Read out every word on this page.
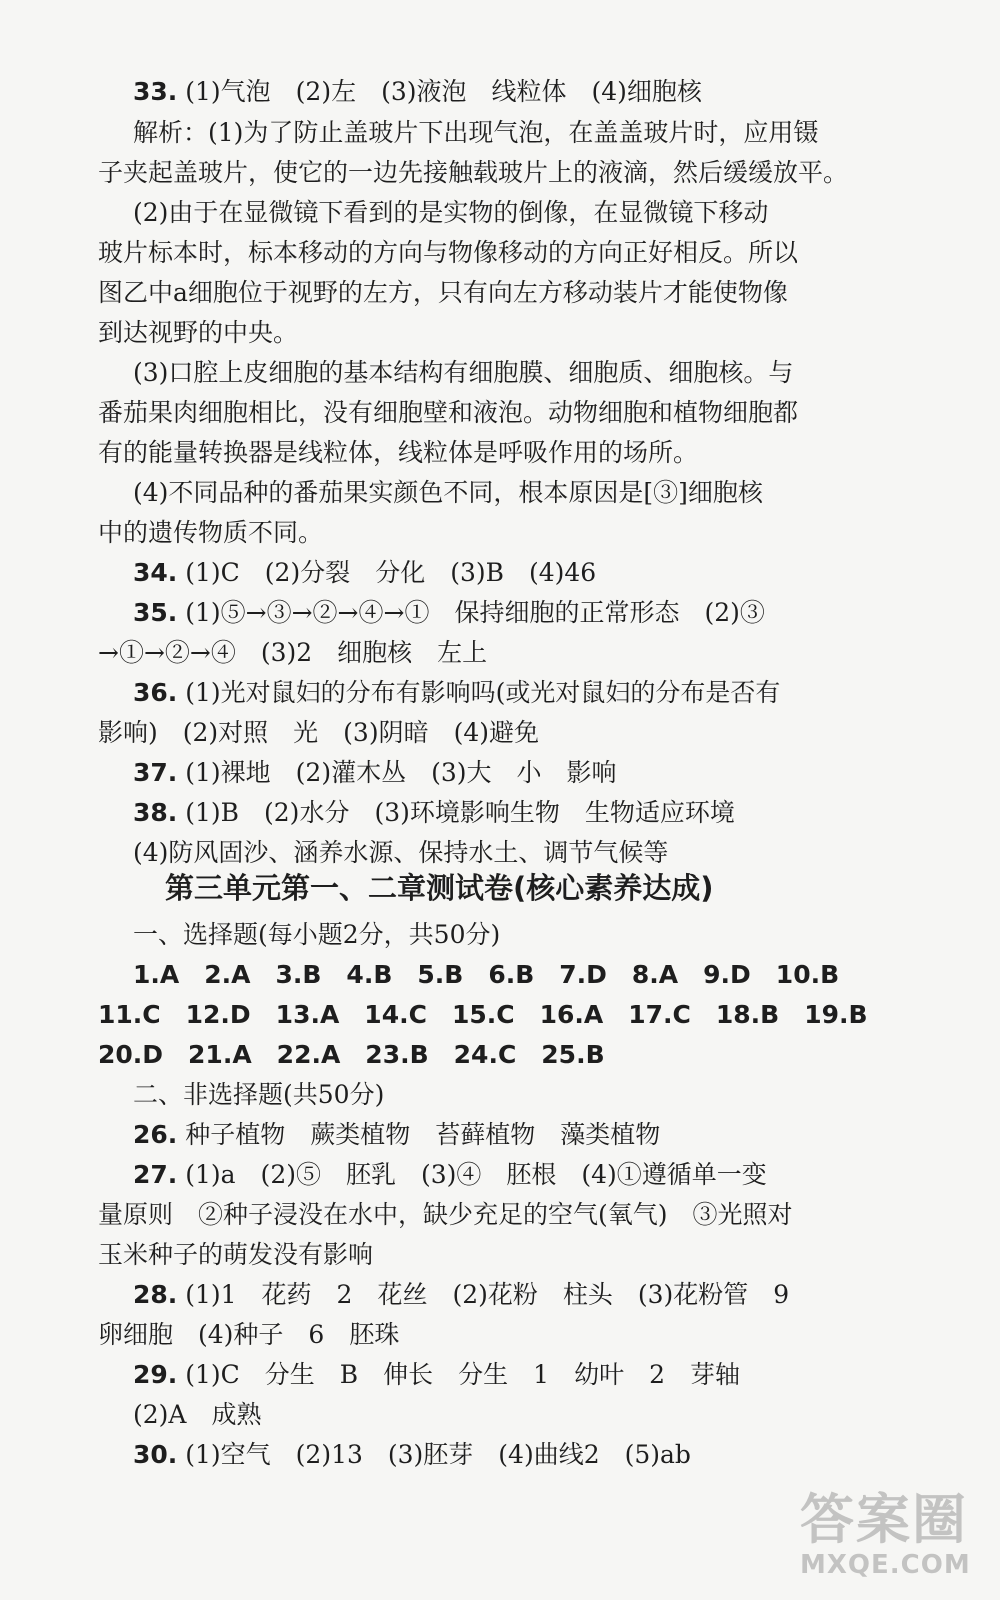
33. (1)气泡　(2)左　(3)液泡　线粒体　(4)细胞核
解析：(1)为了防止盖玻片下出现气泡，在盖盖玻片时，应用镊
子夹起盖玻片，使它的一边先接触载玻片上的液滴，然后缓缓放平。
(2)由于在显微镜下看到的是实物的倒像，在显微镜下移动
玻片标本时，标本移动的方向与物像移动的方向正好相反。所以
图乙中a细胞位于视野的左方，只有向左方移动装片才能使物像
到达视野的中央。
(3)口腔上皮细胞的基本结构有细胞膜、细胞质、细胞核。与
番茄果肉细胞相比，没有细胞壁和液泡。动物细胞和植物细胞都
有的能量转换器是线粒体，线粒体是呼吸作用的场所。
(4)不同品种的番茄果实颜色不同，根本原因是[③]细胞核
中的遗传物质不同。
34. (1)C　(2)分裂　分化　(3)B　(4)46
35. (1)⑤→③→②→④→①　保持细胞的正常形态　(2)③
→①→②→④　(3)2　细胞核　左上
36. (1)光对鼠妇的分布有影响吗(或光对鼠妇的分布是否有
影响)　(2)对照　光　(3)阴暗　(4)避免
37. (1)裸地　(2)灌木丛　(3)大　小　影响
38. (1)B　(2)水分　(3)环境影响生物　生物适应环境
(4)防风固沙、涵养水源、保持水土、调节气候等
第三单元第一、二章测试卷(核心素养达成)
一、选择题(每小题2分，共50分)
1.A　2.A　3.B　4.B　5.B　6.B　7.D　8.A　9.D　10.B
11.C　12.D　13.A　14.C　15.C　16.A　17.C　18.B　19.B
20.D　21.A　22.A　23.B　24.C　25.B
二、非选择题(共50分)
26. 种子植物　蕨类植物　苔藓植物　藻类植物
27. (1)a　(2)⑤　胚乳　(3)④　胚根　(4)①遵循单一变
量原则　②种子浸没在水中，缺少充足的空气(氧气)　③光照对
玉米种子的萌发没有影响
28. (1)1　花药　2　花丝　(2)花粉　柱头　(3)花粉管　9
卵细胞　(4)种子　6　胚珠
29. (1)C　分生　B　伸长　分生　1　幼叶　2　芽轴
(2)A　成熟
30. (1)空气　(2)13　(3)胚芽　(4)曲线2　(5)ab
答案圈
MXQE.COM
